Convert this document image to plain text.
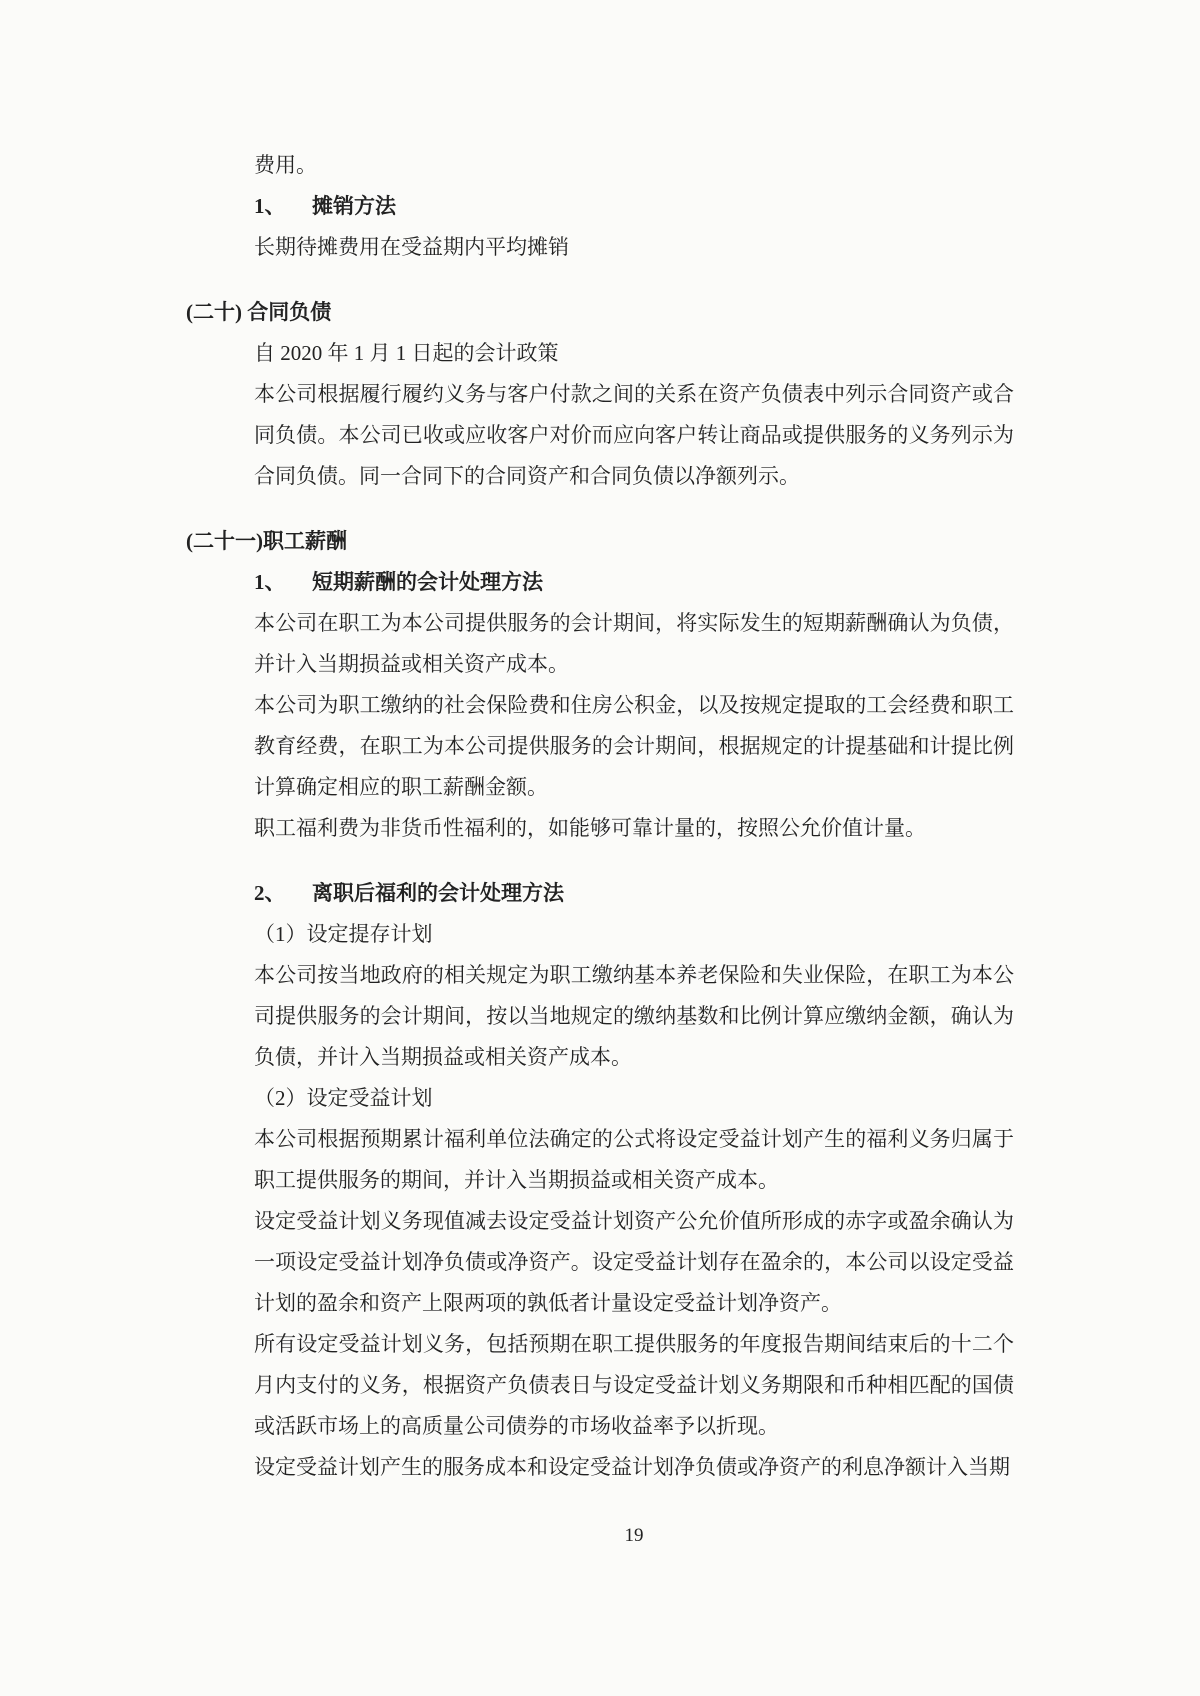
费用。
1、 摊销方法
长期待摊费用在受益期内平均摊销
(二十) 合同负债
自 2020 年 1 月 1 日起的会计政策
本公司根据履行履约义务与客户付款之间的关系在资产负债表中列示合同资产或合同负债。本公司已收或应收客户对价而应向客户转让商品或提供服务的义务列示为合同负债。同一合同下的合同资产和合同负债以净额列示。
(二十一)职工薪酬
1、 短期薪酬的会计处理方法
本公司在职工为本公司提供服务的会计期间，将实际发生的短期薪酬确认为负债，并计入当期损益或相关资产成本。
本公司为职工缴纳的社会保险费和住房公积金，以及按规定提取的工会经费和职工教育经费，在职工为本公司提供服务的会计期间，根据规定的计提基础和计提比例计算确定相应的职工薪酬金额。
职工福利费为非货币性福利的，如能够可靠计量的，按照公允价值计量。
2、 离职后福利的会计处理方法
（1）设定提存计划
本公司按当地政府的相关规定为职工缴纳基本养老保险和失业保险，在职工为本公司提供服务的会计期间，按以当地规定的缴纳基数和比例计算应缴纳金额，确认为负债，并计入当期损益或相关资产成本。
（2）设定受益计划
本公司根据预期累计福利单位法确定的公式将设定受益计划产生的福利义务归属于职工提供服务的期间，并计入当期损益或相关资产成本。
设定受益计划义务现值减去设定受益计划资产公允价值所形成的赤字或盈余确认为一项设定受益计划净负债或净资产。设定受益计划存在盈余的，本公司以设定受益计划的盈余和资产上限两项的孰低者计量设定受益计划净资产。
所有设定受益计划义务，包括预期在职工提供服务的年度报告期间结束后的十二个月内支付的义务，根据资产负债表日与设定受益计划义务期限和币种相匹配的国债或活跃市场上的高质量公司债券的市场收益率予以折现。
设定受益计划产生的服务成本和设定受益计划净负债或净资产的利息净额计入当期
19
